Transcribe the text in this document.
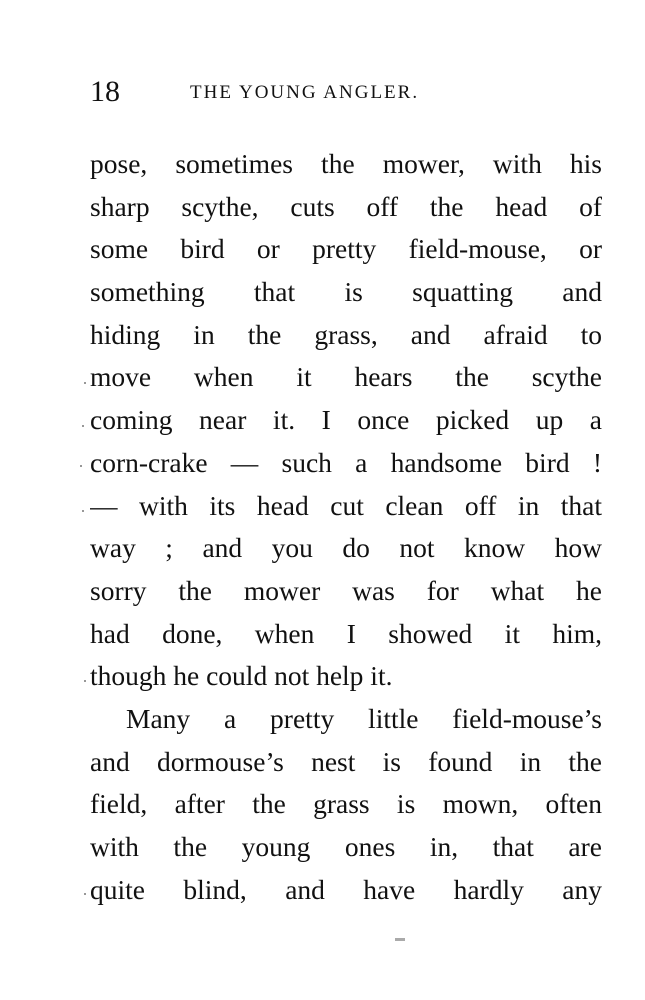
18	THE YOUNG ANGLER.
pose, sometimes the mower, with his
sharp scythe, cuts off the head of
some bird or pretty field-mouse, or
something that is squatting and
hiding in the grass, and afraid to
move when it hears the scythe
coming near it. I once picked up a
corn-crake — such a handsome bird !
— with its head cut clean off in that
way ; and you do not know how
sorry the mower was for what he
had done, when I showed it him,
though he could not help it.
Many a pretty little field-mouse’s
and dormouse’s nest is found in the
field, after the grass is mown, often
with the young ones in, that are
quite blind, and have hardly any
